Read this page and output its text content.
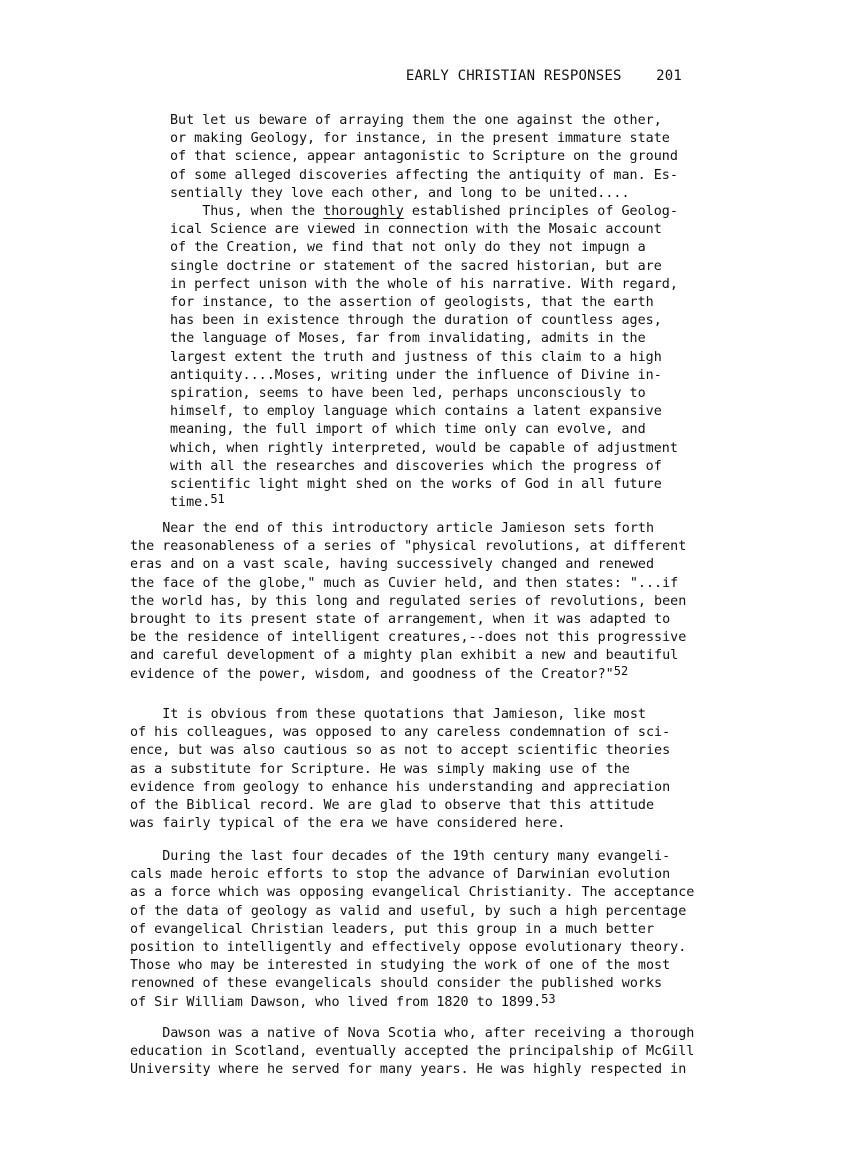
EARLY CHRISTIAN RESPONSES 201

But let us beware of arraying them the one against the other,

or making Geology, for instance, in the present immature state

of that science, appear antagonistic to Scripture on the ground

of some alleged discoveries affecting the antiquity of man. Es-

sentially they love each other, and long to be united....

Thus, when the thoroughly established principles of Geolog-

ical Science are viewed in connection with the Mosaic account

of the Creation, we find that not only do they not impugn a

single doctrine or statement of the sacred historian, but are

in perfect unison with the whole of his narrative. With regard,

for instance, to the assertion of geologists, that the earth

has been in existence through the duration of countless ages,

the language of Moses, far from invalidating, admits in the

largest extent the truth and justness of this claim to a high

antiquity....Moses, writing under the influence of Divine in-

spiration, seems to have been led, perhaps unconsciously to

himself, to employ language which contains a latent expansive

meaning, the full import of which time only can evolve, and

which, when rightly interpreted, would be capable of adjustment

with all the researches and discoveries which the progress of

scientific light might shed on the works of God in all future

time.$^{51}$

Near the end of this introductory article Jamieson sets forth

the reasonableness of a series of "physical revolutions, at different

eras and on a vast scale, having successively changed and renewed

the face of the globe," much as Cuvier held, and then states: "...if

the world has, by this long and regulated series of revolutions, been

brought to its present state of arrangement, when it was adapted to

be the residence of intelligent creatures,--does not this progressive

and careful development of a mighty plan exhibit a new and beautiful

evidence of the power, wisdom, and goodness of the Creator?"$^{52}$

It is obvious from these quotations that Jamieson, like most

of his colleagues, was opposed to any careless condemnation of sci-

ence, but was also cautious so as not to accept scientific theories

as a substitute for Scripture. He was simply making use of the

evidence from geology to enhance his understanding and appreciation

of the Biblical record. We are glad to observe that this attitude

was fairly typical of the era we have considered here.

During the last four decades of the 19th century many evangeli-

cals made heroic efforts to stop the advance of Darwinian evolution

as a force which was opposing evangelical Christianity. The acceptance

of the data of geology as valid and useful, by such a high percentage

of evangelical Christian leaders, put this group in a much better

position to intelligently and effectively oppose evolutionary theory.

Those who may be interested in studying the work of one of the most

renowned of these evangelicals should consider the published works

of Sir William Dawson, who lived from 1820 to 1899.53

Dawson was a native of Nova Scotia who, after receiving a thorough

education in Scotland, eventually accepted the principalship of McGill

University where he served for many years. He was highly respected in
